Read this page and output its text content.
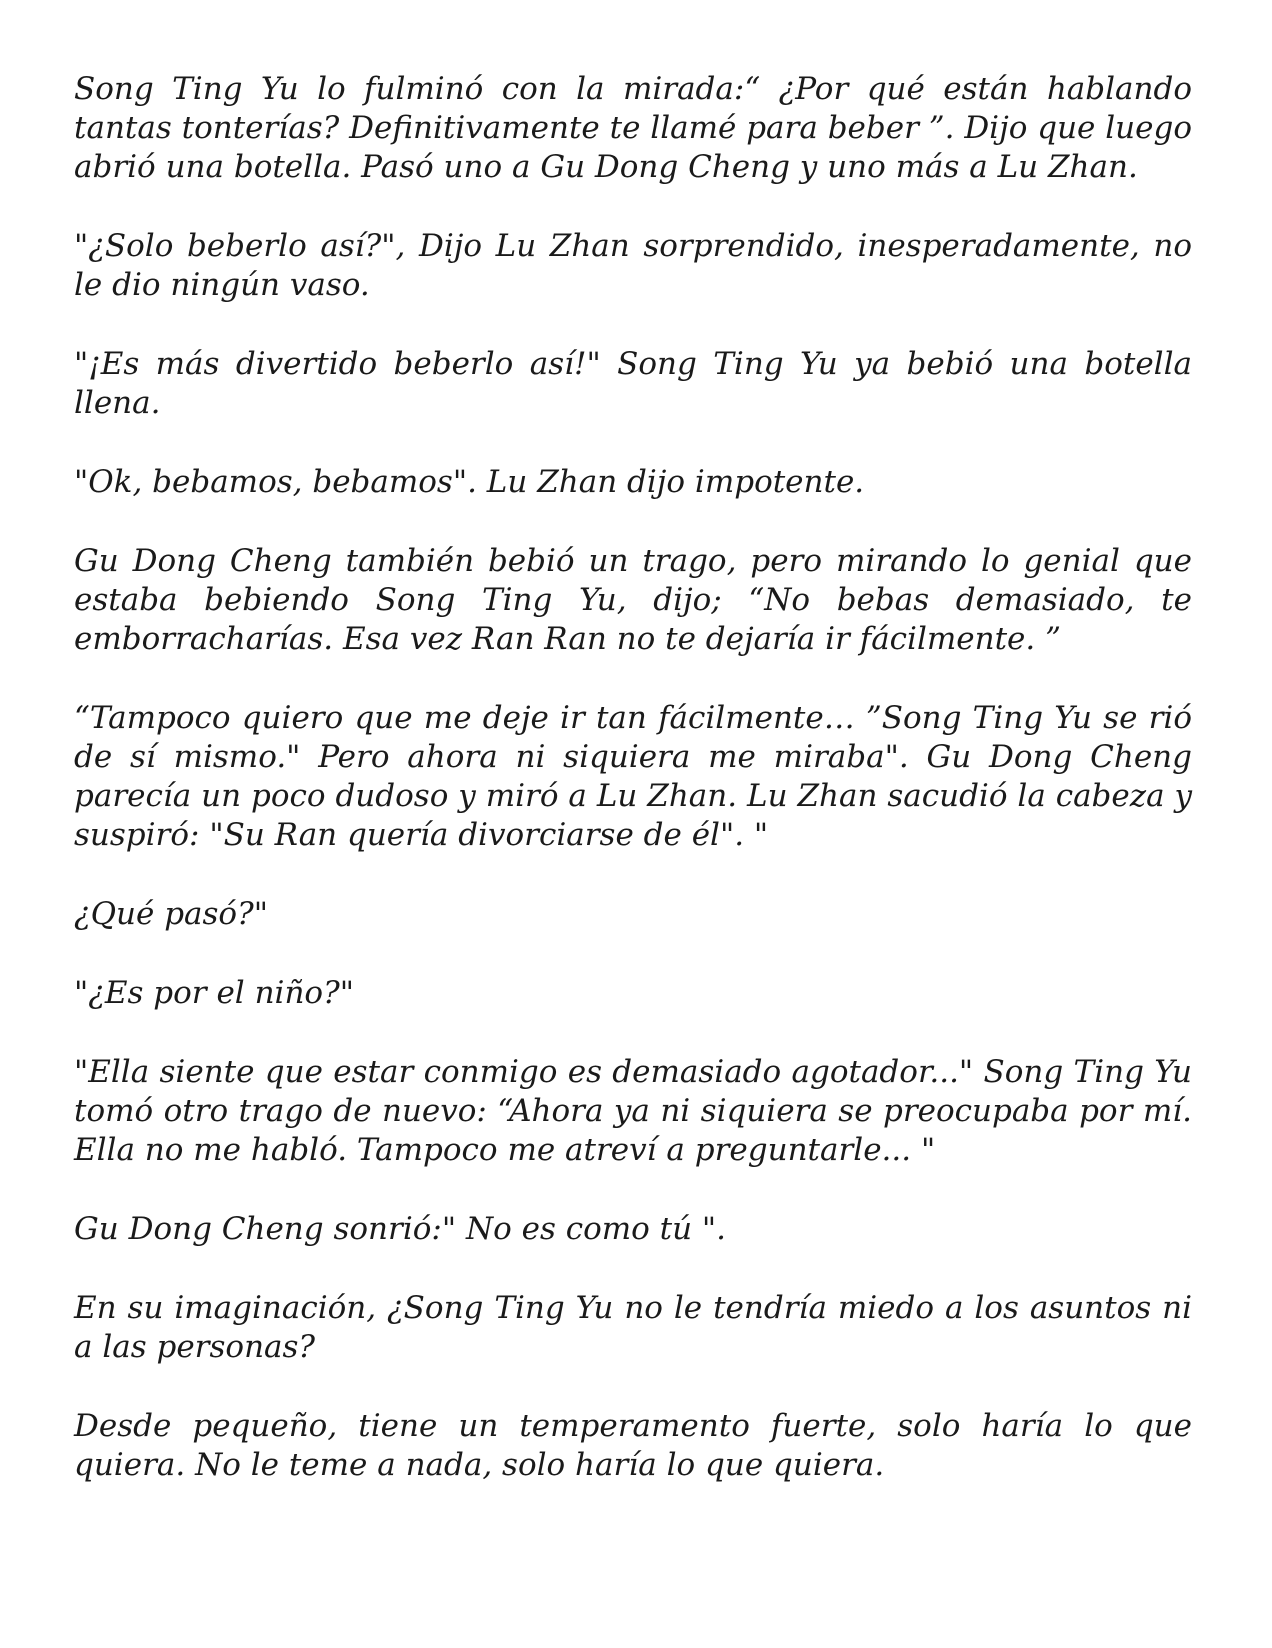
Song Ting Yu lo fulminó con la mirada:“ ¿Por qué están hablando tantas tonterías? Definitivamente te llamé para beber ”. Dijo que luego abrió una botella. Pasó uno a Gu Dong Cheng y uno más a Lu Zhan.

"¿Solo beberlo así?", Dijo Lu Zhan sorprendido, inesperadamente, no le dio ningún vaso.

"¡Es más divertido beberlo así!" Song Ting Yu ya bebió una botella llena.

"Ok, bebamos, bebamos". Lu Zhan dijo impotente.

Gu Dong Cheng también bebió un trago, pero mirando lo genial que estaba bebiendo Song Ting Yu, dijo; “No bebas demasiado, te emborracharías. Esa vez Ran Ran no te dejaría ir fácilmente. ”

“Tampoco quiero que me deje ir tan fácilmente… ”Song Ting Yu se rió de sí mismo." Pero ahora ni siquiera me miraba". Gu Dong Cheng parecía un poco dudoso y miró a Lu Zhan. Lu Zhan sacudió la cabeza y suspiró: "Su Ran quería divorciarse de él". "

¿Qué pasó?"

"¿Es por el niño?"

"Ella siente que estar conmigo es demasiado agotador..." Song Ting Yu tomó otro trago de nuevo: “Ahora ya ni siquiera se preocupaba por mí. Ella no me habló. Tampoco me atreví a preguntarle... "

Gu Dong Cheng sonrió:" No es como tú ".

En su imaginación, ¿Song Ting Yu no le tendría miedo a los asuntos ni a las personas?

Desde pequeño, tiene un temperamento fuerte, solo haría lo que quiera. No le teme a nada, solo haría lo que quiera.
